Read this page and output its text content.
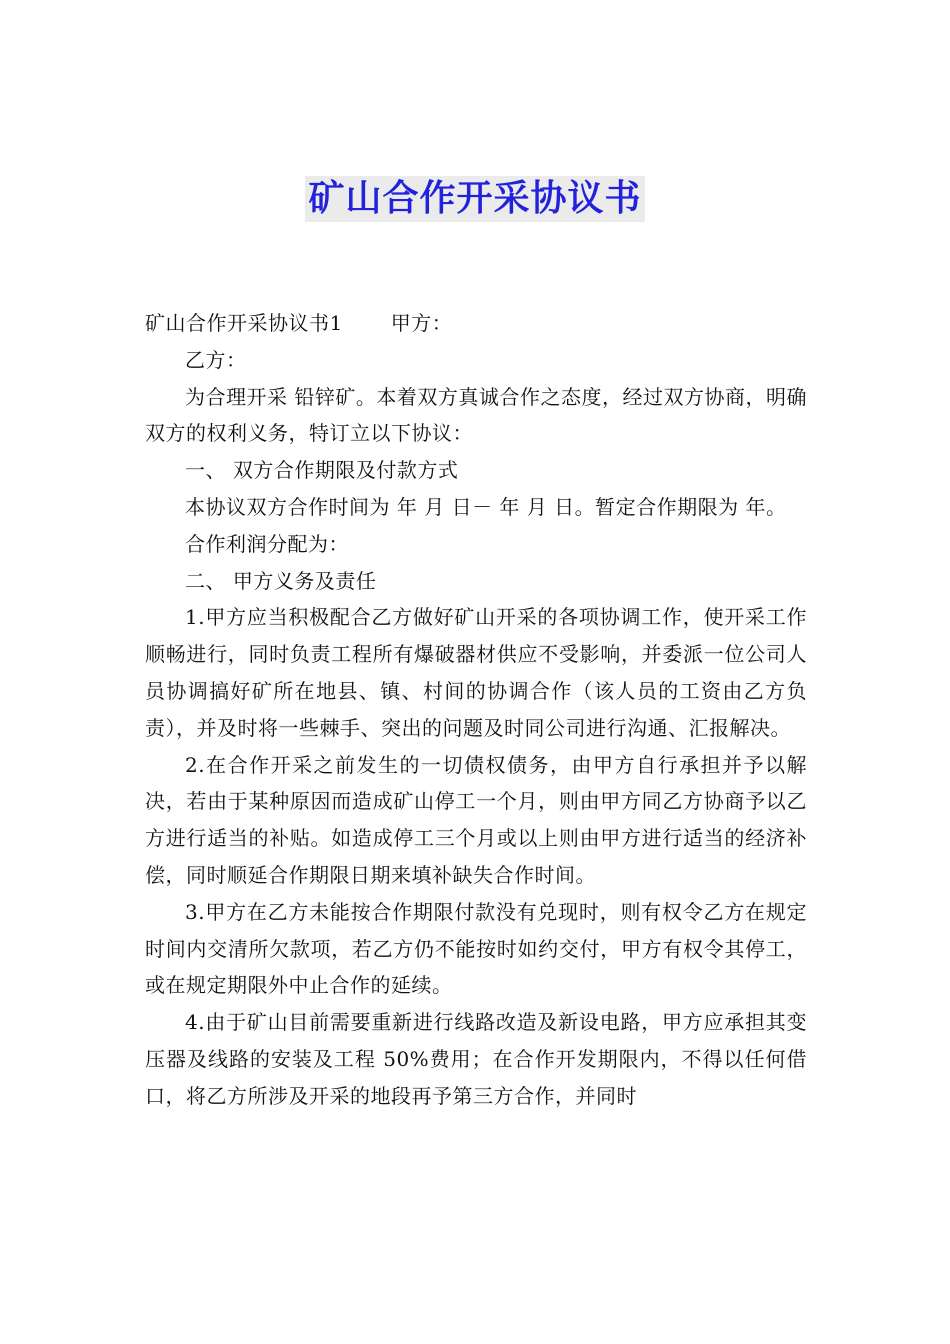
矿山合作开采协议书

矿山合作开采协议书1 甲方：

乙方：

为合理开采 铅锌矿。本着双方真诚合作之态度，经过双方协商，明确双方的权利义务，特订立以下协议：

一、 双方合作期限及付款方式

本协议双方合作时间为 年 月 日－ 年 月 日。暂定合作期限为 年。

合作利润分配为：

二、 甲方义务及责任

1.甲方应当积极配合乙方做好矿山开采的各项协调工作，使开采工作顺畅进行，同时负责工程所有爆破器材供应不受影响，并委派一位公司人员协调搞好矿所在地县、镇、村间的协调合作（该人员的工资由乙方负责），并及时将一些棘手、突出的问题及时同公司进行沟通、汇报解决。

2.在合作开采之前发生的一切债权债务，由甲方自行承担并予以解决，若由于某种原因而造成矿山停工一个月，则由甲方同乙方协商予以乙方进行适当的补贴。如造成停工三个月或以上则由甲方进行适当的经济补偿，同时顺延合作期限日期来填补缺失合作时间。

3.甲方在乙方未能按合作期限付款没有兑现时，则有权令乙方在规定时间内交清所欠款项，若乙方仍不能按时如约交付，甲方有权令其停工，或在规定期限外中止合作的延续。

4.由于矿山目前需要重新进行线路改造及新设电路，甲方应承担其变压器及线路的安装及工程 50%费用；在合作开发期限内，不得以任何借口，将乙方所涉及开采的地段再予第三方合作，并同时
